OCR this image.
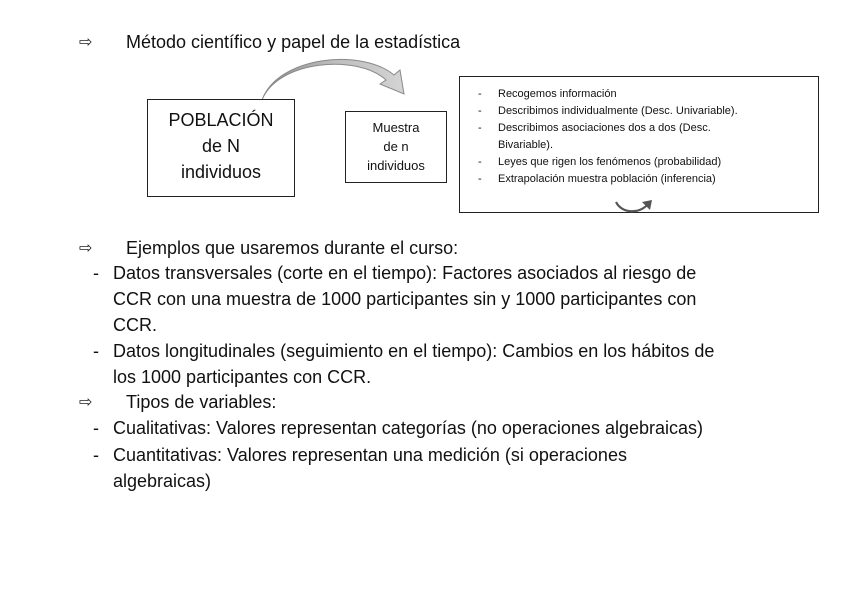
⇨ Método científico y papel de la estadística
POBLACIÓN
de N
individuos
Muestra
de n
individuos
- Recogemos información
- Describimos individualmente (Desc. Univariable).
- Describimos asociaciones dos a dos (Desc.
Bivariable).
- Leyes que rigen los fenómenos (probabilidad)
- Extrapolación muestra población (inferencia)
⇨ Ejemplos que usaremos durante el curso:
- Datos transversales (corte en el tiempo): Factores asociados al riesgo de
CCR con una muestra de 1000 participantes sin y 1000 participantes con
CCR.
- Datos longitudinales (seguimiento en el tiempo): Cambios en los hábitos de
los 1000 participantes con CCR.
⇨ Tipos de variables:
- Cualitativas: Valores representan categorías (no operaciones algebraicas)
- Cuantitativas: Valores representan una medición (si operaciones
algebraicas)
